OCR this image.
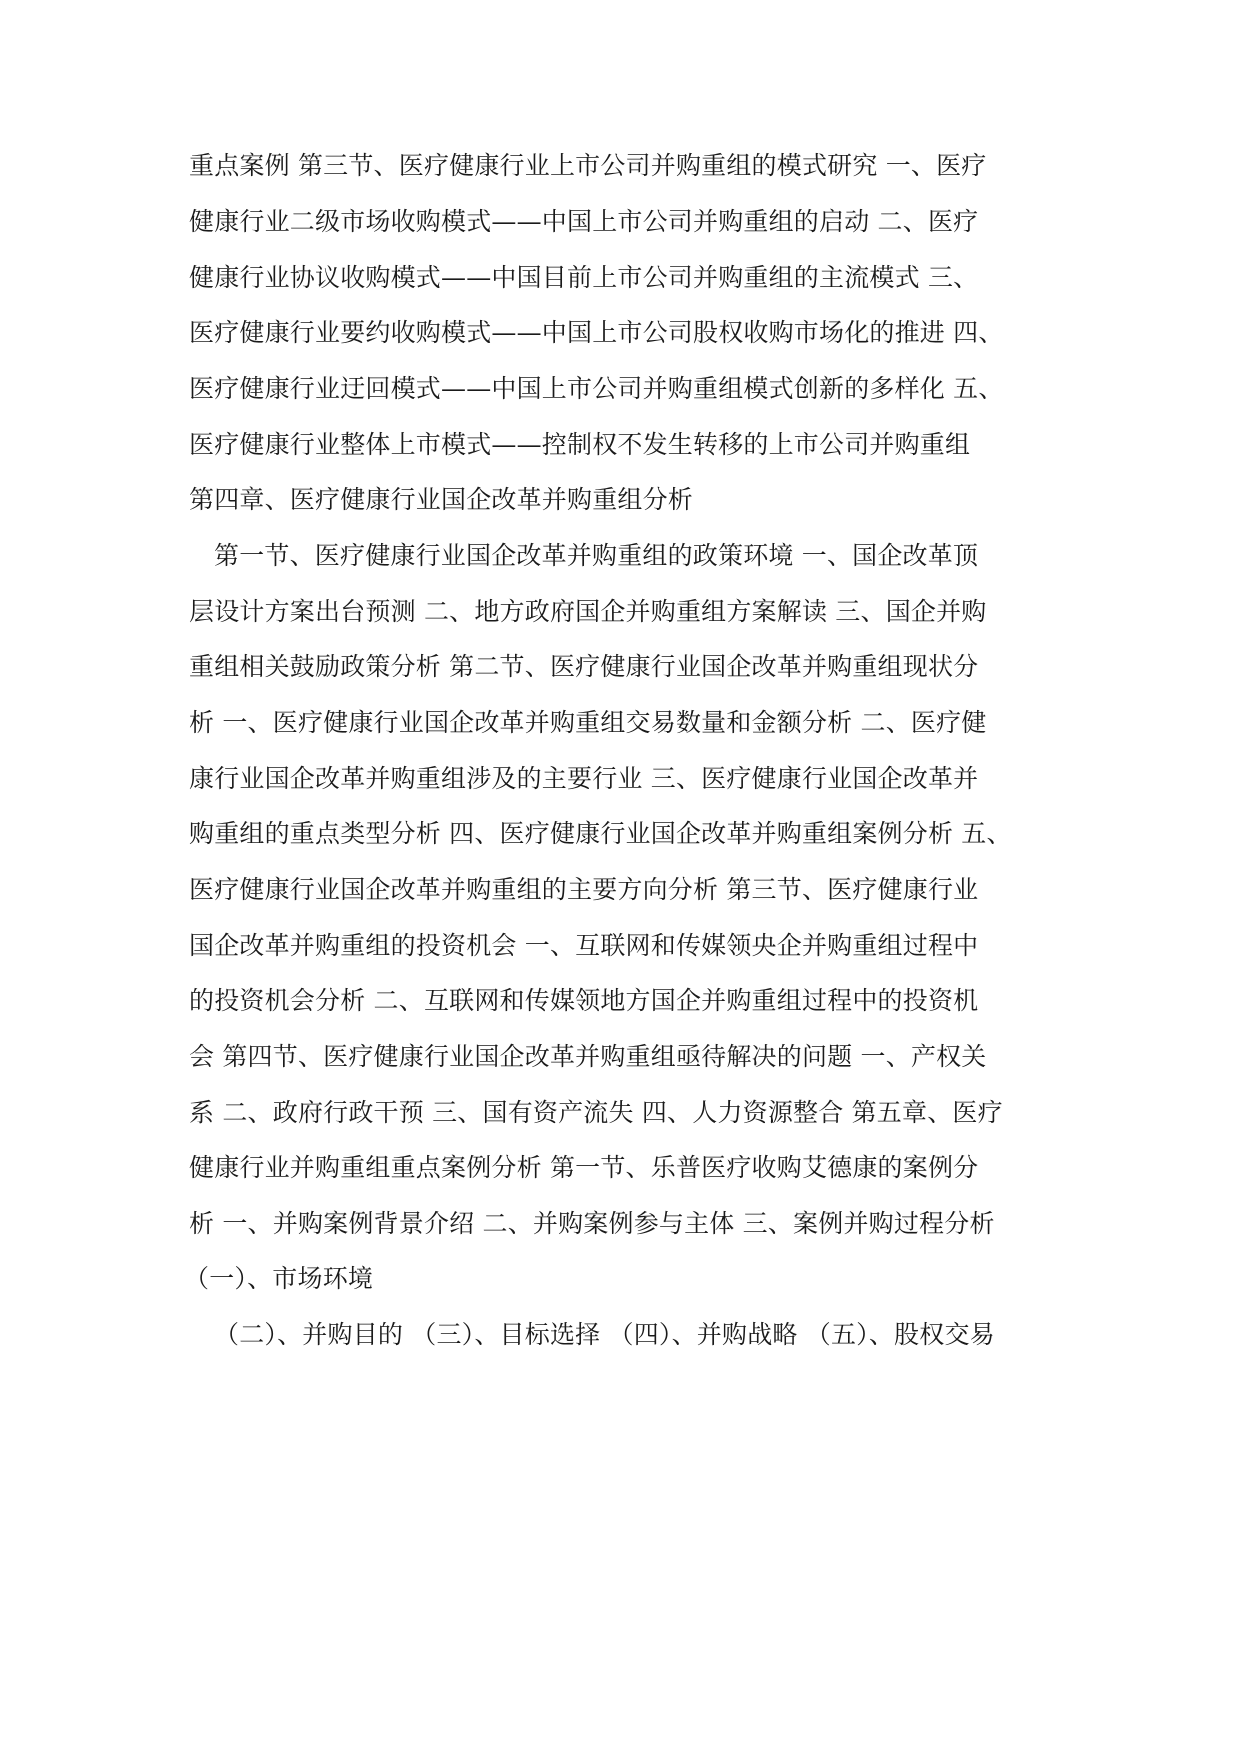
重点案例 第三节、医疗健康行业上市公司并购重组的模式研究 一、医疗
健康行业二级市场收购模式——中国上市公司并购重组的启动 二、医疗
健康行业协议收购模式——中国目前上市公司并购重组的主流模式 三、
医疗健康行业要约收购模式——中国上市公司股权收购市场化的推进 四、
医疗健康行业迂回模式——中国上市公司并购重组模式创新的多样化 五、
医疗健康行业整体上市模式——控制权不发生转移的上市公司并购重组
第四章、医疗健康行业国企改革并购重组分析
第一节、医疗健康行业国企改革并购重组的政策环境 一、国企改革顶
层设计方案出台预测 二、地方政府国企并购重组方案解读 三、国企并购
重组相关鼓励政策分析 第二节、医疗健康行业国企改革并购重组现状分
析 一、医疗健康行业国企改革并购重组交易数量和金额分析 二、医疗健
康行业国企改革并购重组涉及的主要行业 三、医疗健康行业国企改革并
购重组的重点类型分析 四、医疗健康行业国企改革并购重组案例分析 五、
医疗健康行业国企改革并购重组的主要方向分析 第三节、医疗健康行业
国企改革并购重组的投资机会 一、互联网和传媒领央企并购重组过程中
的投资机会分析 二、互联网和传媒领地方国企并购重组过程中的投资机
会 第四节、医疗健康行业国企改革并购重组亟待解决的问题 一、产权关
系 二、政府行政干预 三、国有资产流失 四、人力资源整合 第五章、医疗
健康行业并购重组重点案例分析 第一节、乐普医疗收购艾德康的案例分
析 一、并购案例背景介绍 二、并购案例参与主体 三、案例并购过程分析
（一）、市场环境
（二）、并购目的 （三）、目标选择 （四）、并购战略 （五）、股权交易
